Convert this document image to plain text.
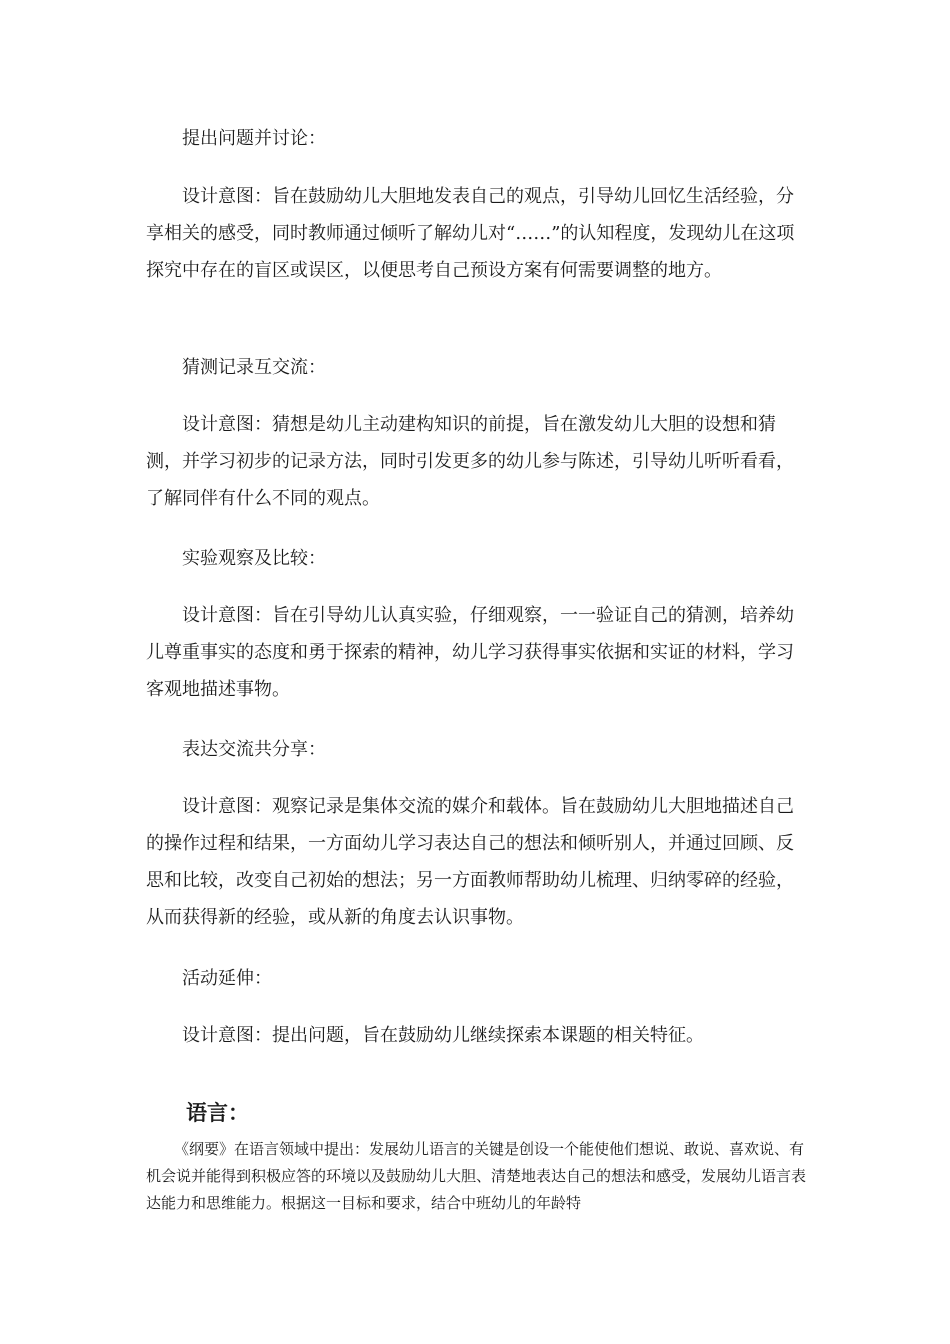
提出问题并讨论：

设计意图：旨在鼓励幼儿大胆地发表自己的观点，引导幼儿回忆生活经验，分享相关的感受，同时教师通过倾听了解幼儿对“……”的认知程度，发现幼儿在这项探究中存在的盲区或误区，以便思考自己预设方案有何需要调整的地方。

猜测记录互交流：

设计意图：猜想是幼儿主动建构知识的前提，旨在激发幼儿大胆的设想和猜测，并学习初步的记录方法，同时引发更多的幼儿参与陈述，引导幼儿听听看看，了解同伴有什么不同的观点。

实验观察及比较：

设计意图：旨在引导幼儿认真实验，仔细观察，一一验证自己的猜测，培养幼儿尊重事实的态度和勇于探索的精神，幼儿学习获得事实依据和实证的材料，学习客观地描述事物。

表达交流共分享：

设计意图：观察记录是集体交流的媒介和载体。旨在鼓励幼儿大胆地描述自己的操作过程和结果，一方面幼儿学习表达自己的想法和倾听别人，并通过回顾、反思和比较，改变自己初始的想法；另一方面教师帮助幼儿梳理、归纳零碎的经验，从而获得新的经验，或从新的角度去认识事物。

活动延伸：

设计意图：提出问题，旨在鼓励幼儿继续探索本课题的相关特征。

语言：

《纲要》在语言领域中提出：发展幼儿语言的关键是创设一个能使他们想说、敢说、喜欢说、有机会说并能得到积极应答的环境以及鼓励幼儿大胆、清楚地表达自己的想法和感受，发展幼儿语言表达能力和思维能力。根据这一目标和要求，结合中班幼儿的年龄特
